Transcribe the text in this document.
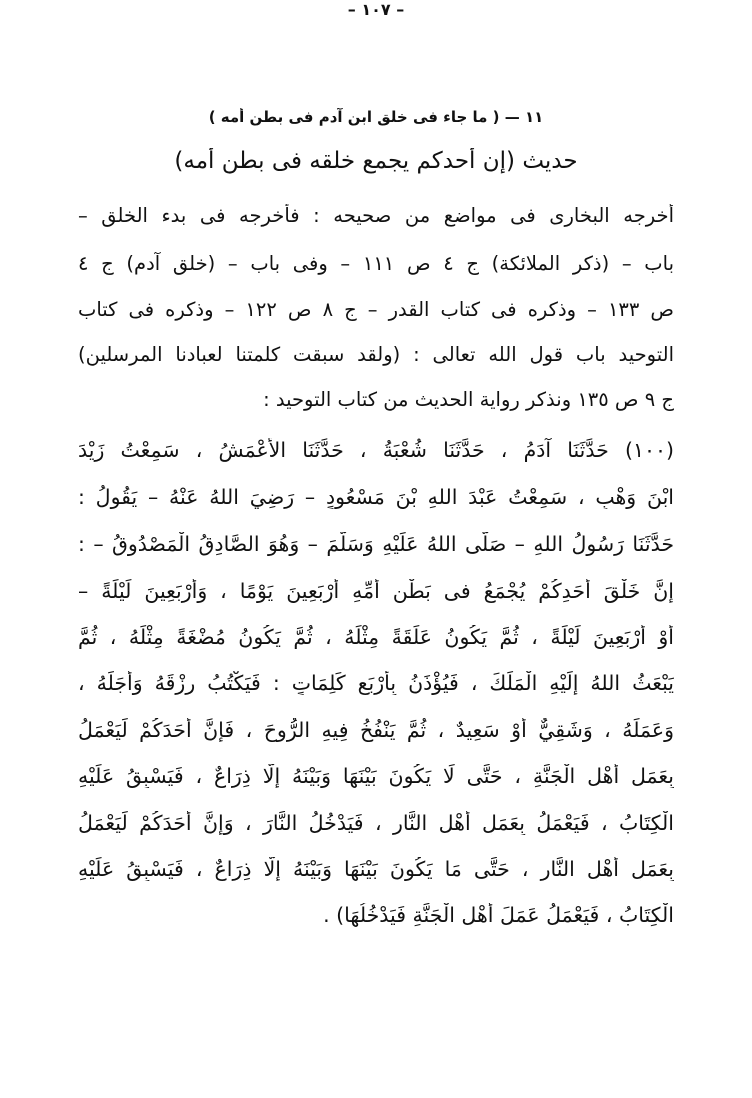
١١ — ( ما جاء فى خلق ابن آدم فى بطن أمه )
حديث (إن أحدكم يجمع خلقه فى بطن أمه)
أخرجه البخارى فى مواضع من صحيحه : فأخرجه فى بدء الخلق –
باب – (ذكر الملائكة) ج ٤ ص ١١١ – وفى باب – (خلق آدم) ج ٤
ص ١٣٣ – وذكره فى كتاب القدر – ج ٨ ص ١٢٢ – وذكره فى كتاب
التوحيد باب قول الله تعالى : (ولقد سبقت كلمتنا لعبادنا المرسلين)
ج ٩ ص ١٣٥ ونذكر رواية الحديث من كتاب التوحيد :
(١٠٠) حَدَّثَنَا آدَمُ ، حَدَّثَنَا شُعْبَةُ ، حَدَّثَنَا الأَعْمَشُ ، سَمِعْتُ زَيْدَ
ابْنَ وَهْبٍ ، سَمِعْتُ عَبْدَ اللهِ بْنَ مَسْعُودٍ – رَضِيَ اللهُ عَنْهُ – يَقُولُ :
حَدَّثَنَا رَسُولُ اللهِ – صَلَّى اللهُ عَلَيْهِ وَسَلَّمَ – وَهُوَ الصَّادِقُ الْمَصْدُوقُ – :
إِنَّ خَلْقَ أَحَدِكُمْ يُجْمَعُ فى بَطْنِ أُمِّهِ أَرْبَعِينَ يَوْمًا ، وَأَرْبَعِينَ لَيْلَةً –
أَوْ أَرْبَعِينَ لَيْلَةً ، ثُمَّ يَكُونُ عَلَقَةً مِثْلَهُ ، ثُمَّ يَكُونُ مُضْغَةً مِثْلَهُ ، ثُمَّ
يَبْعَثُ اللهُ إِلَيْهِ الْمَلَكَ ، فَيُؤْذَنُ بِأَرْبَعِ كَلِمَاتٍ : فَيَكْتُبُ رِزْقَهُ وَأَجَلَهُ ،
وَعَمَلَهُ ، وَشَقِيٌّ أَوْ سَعِيدٌ ، ثُمَّ يَنْفُخُ فِيهِ الرُّوحَ ، فَإِنَّ أَحَدَكُمْ لَيَعْمَلُ
بِعَمَلِ أَهْلِ الْجَنَّةِ ، حَتَّى لَا يَكُونَ بَيْنَهَا وَبَيْنَهُ إِلَّا ذِرَاعٌ ، فَيَسْبِقُ عَلَيْهِ
الْكِتَابُ ، فَيَعْمَلُ بِعَمَلِ أَهْلِ النَّارِ ، فَيَدْخُلُ النَّارَ ، وَإِنَّ أَحَدَكُمْ لَيَعْمَلُ
بِعَمَلِ أَهْلِ النَّارِ ، حَتَّى مَا يَكُونَ بَيْنَهَا وَبَيْنَهُ إِلَّا ذِرَاعٌ ، فَيَسْبِقُ عَلَيْهِ
الْكِتَابُ ، فَيَعْمَلُ عَمَلَ أَهْلِ الْجَنَّةِ فَيَدْخُلُهَا) .
– ١٠٧ –
